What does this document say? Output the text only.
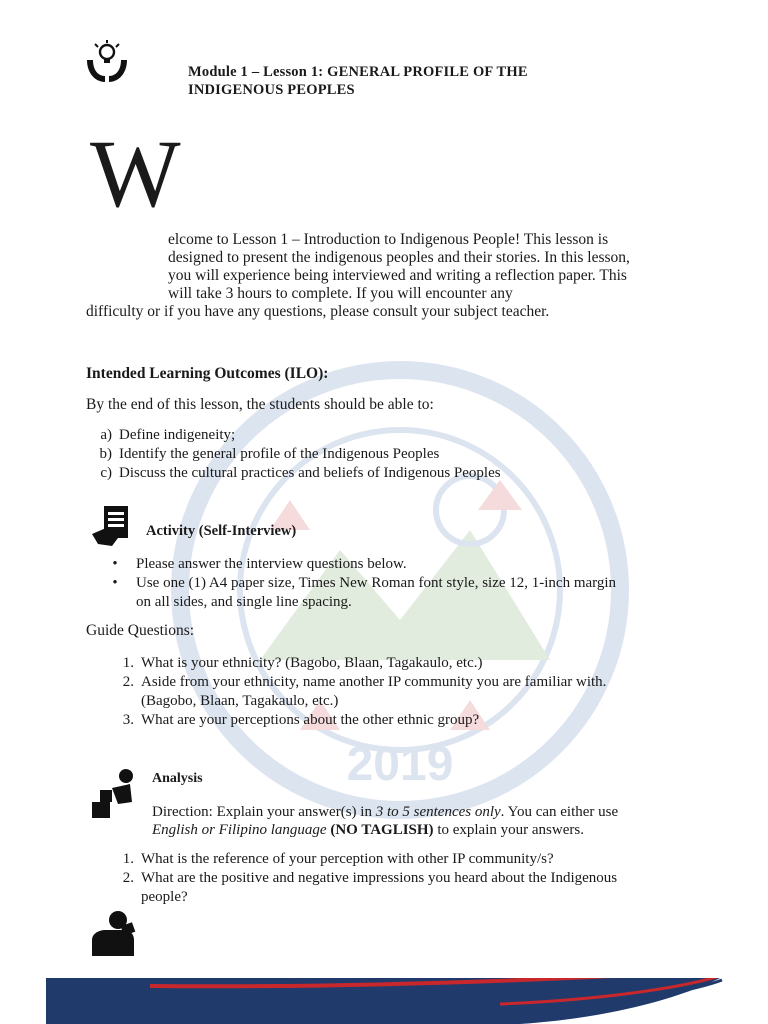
2019
Module 1 – Lesson 1: GENERAL PROFILE OF THE
INDIGENOUS PEOPLES
W
elcome to Lesson 1 – Introduction to Indigenous People! This lesson is
designed to present the indigenous peoples and their stories. In this lesson,
you will experience being interviewed and writing a reflection paper. This
will take 3 hours to complete. If you will encounter any
difficulty or if you have any questions, please consult your subject teacher.
Intended Learning Outcomes (ILO):
By the end of this lesson, the students should be able to:
a) Define indigeneity;
b) Identify the general profile of the Indigenous Peoples
c) Discuss the cultural practices and beliefs of Indigenous Peoples
Activity (Self-Interview)
•	Please answer the interview questions below.
•	Use one (1) A4 paper size, Times New Roman font style, size 12, 1-inch margin
on all sides, and single line spacing.
Guide Questions:
1. What is your ethnicity? (Bagobo, Blaan, Tagakaulo, etc.)
2. Aside from your ethnicity, name another IP community you are familiar with.
(Bagobo, Blaan, Tagakaulo, etc.)
3. What are your perceptions about the other ethnic group?
Analysis
Direction: Explain your answer(s) in 3 to 5 sentences only. You can either use
English or Filipino language (NO TAGLISH) to explain your answers.
1. What is the reference of your perception with other IP community/s?
2. What are the positive and negative impressions you heard about the Indigenous
people?
